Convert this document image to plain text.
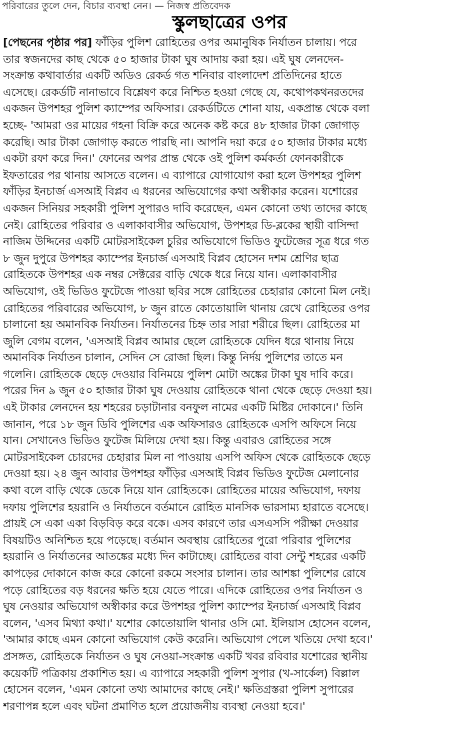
পরিবারের তুলে দেন, বিচার ব্যবস্থা নেন। — নিজস্ব প্রতিবেদক
স্কুলছাত্রের ওপর
[পেছনের পৃষ্ঠার পর] ফাঁড়ির পুলিশ রোহিতের ওপর অমানুষিক নির্যাতন চালায়। পরে
তার স্বজনদের কাছ থেকে ৫০ হাজার টাকা ঘুষ আদায় করা হয়। এই ঘুষ লেনদেন-
সংক্রান্ত কথাবার্তার একটি অডিও রেকর্ড গত শনিবার বাংলাদেশ প্রতিদিনের হাতে
এসেছে। রেকর্ডটি নানাভাবে বিশ্লেষণ করে নিশ্চিত হওয়া গেছে যে, কথোপকথনরতদের
একজন উপশহর পুলিশ ক্যাম্পের অফিসার। রেকর্ডটিতে শোনা যায়, একপ্রান্ত থেকে বলা
হচ্ছে- 'আমরা ওর মায়ের গহনা বিক্রি করে অনেক কষ্ট করে ৪৮ হাজার টাকা জোগাড়
করেছি। আর টাকা জোগাড় করতে পারছি না। আপনি দয়া করে ৫০ হাজার টাকার মধ্যে
একটা রফা করে দিন।' ফোনের অপর প্রান্ত থেকে ওই পুলিশ কর্মকর্তা ফোনকারীকে
ইফতারের পর থানায় আসতে বলেন। এ ব্যাপারে যোগাযোগ করা হলে উপশহর পুলিশ
ফাঁড়ির ইনচার্জ এসআই বিপ্লব এ ধরনের অভিযোগের কথা অস্বীকার করেন। যশোরের
একজন সিনিয়র সহকারী পুলিশ সুপারও দাবি করেছেন, এমন কোনো তথ্য তাদের কাছে
নেই। রোহিতের পরিবার ও এলাকাবাসীর অভিযোগ, উপশহর ডি-ব্লকের স্থায়ী বাসিন্দা
নাজিম উদ্দিনের একটি মোটরসাইকেল চুরির অভিযোগে ভিডিও ফুটেজের সূত্র ধরে গত
৮ জুন দুপুরে উপশহর ক্যাম্পের ইনচার্জ এসআই বিপ্লব হোসেন দশম শ্রেণির ছাত্র
রোহিতকে উপশহর এক নম্বর সেক্টরের বাড়ি থেকে ধরে নিয়ে যান। এলাকাবাসীর
অভিযোগ, ওই ভিডিও ফুটেজে পাওয়া ছবির সঙ্গে রোহিতের চেহারার কোনো মিল নেই।
রোহিতের পরিবারের অভিযোগ, ৮ জুন রাতে কোতোয়ালি থানায় রেখে রোহিতের ওপর
চালানো হয় অমানবিক নির্যাতন। নির্যাতনের চিহ্ন তার সারা শরীরে ছিল। রোহিতের মা
জুলি বেগম বলেন, 'এসআই বিপ্লব আমার ছেলে রোহিতকে যেদিন ধরে থানায় নিয়ে
অমানবিক নির্যাতন চালান, সেদিন সে রোজা ছিল। কিন্তু নির্দয় পুলিশের তাতে মন
গলেনি। রোহিতকে ছেড়ে দেওয়ার বিনিময়ে পুলিশ মোটা অঙ্কের টাকা ঘুষ দাবি করে।
পরের দিন ৯ জুন ৫০ হাজার টাকা ঘুষ দেওয়ায় রোহিতকে থানা থেকে ছেড়ে দেওয়া হয়।
এই টাকার লেনদেন হয় শহরের চড়াটানার বনফুল নামের একটি মিষ্টির দোকানে।' তিনি
জানান, পরে ১৮ জুন ডিবি পুলিশের এক অফিসারও রোহিতকে এসপি অফিসে নিয়ে
যান। সেখানেও ভিডিও ফুটেজ মিলিয়ে দেখা হয়। কিন্তু এবারও রোহিতের সঙ্গে
মোটরসাইকেল চোরদের চেহারার মিল না পাওয়ায় এসপি অফিস থেকে রোহিতকে ছেড়ে
দেওয়া হয়। ২৪ জুন আবার উপশহর ফাঁড়ির এসআই বিপ্লব ভিডিও ফুটেজ মেলানোর
কথা বলে বাড়ি থেকে ডেকে নিয়ে যান রোহিতকে। রোহিতের মায়ের অভিযোগ, দফায়
দফায় পুলিশের হয়রানি ও নির্যাতনে বর্তমানে রোহিত মানসিক ভারসাম্য হারাতে বসেছে।
প্রায়ই সে একা একা বিড়বিড় করে বকে। এসব কারণে তার এসএসসি পরীক্ষা দেওয়ার
বিষয়টিও অনিশ্চিত হয়ে পড়েছে। বর্তমান অবস্থায় রোহিতের পুরো পরিবার পুলিশের
হয়রানি ও নির্যাতনের আতঙ্কের মধ্যে দিন কাটাচ্ছে। রোহিতের বাবা সেন্টু শহরের একটি
কাপড়ের দোকানে কাজ করে কোনো রকমে সংসার চালান। তার আশঙ্কা পুলিশের রোষে
পড়ে রোহিতের বড় ধরনের ক্ষতি হয়ে যেতে পারে। এদিকে রোহিতের ওপর নির্যাতন ও
ঘুষ নেওয়ার অভিযোগ অস্বীকার করে উপশহর পুলিশ ক্যাম্পের ইনচার্জ এসআই বিপ্লব
বলেন, 'এসব মিথ্যা কথা।' যশোর কোতোয়ালি থানার ওসি মো. ইলিয়াস হোসেন বলেন,
'আমার কাছে এমন কোনো অভিযোগ কেউ করেনি। অভিযোগ পেলে খতিয়ে দেখা হবে।'
প্রসঙ্গত, রোহিতকে নির্যাতন ও ঘুষ নেওয়া-সংক্রান্ত একটি খবর রবিবার যশোরের স্থানীয়
কয়েকটি পত্রিকায় প্রকাশিত হয়। এ ব্যাপারে সহকারী পুলিশ সুপার (খ-সার্কেল) বিল্লাল
হোসেন বলেন, 'এমন কোনো তথ্য আমাদের কাছে নেই।' ক্ষতিগ্রস্তরা পুলিশ সুপারের
শরণাপন্ন হলে এবং ঘটনা প্রমাণিত হলে প্রয়োজনীয় ব্যবস্থা নেওয়া হবে।'
